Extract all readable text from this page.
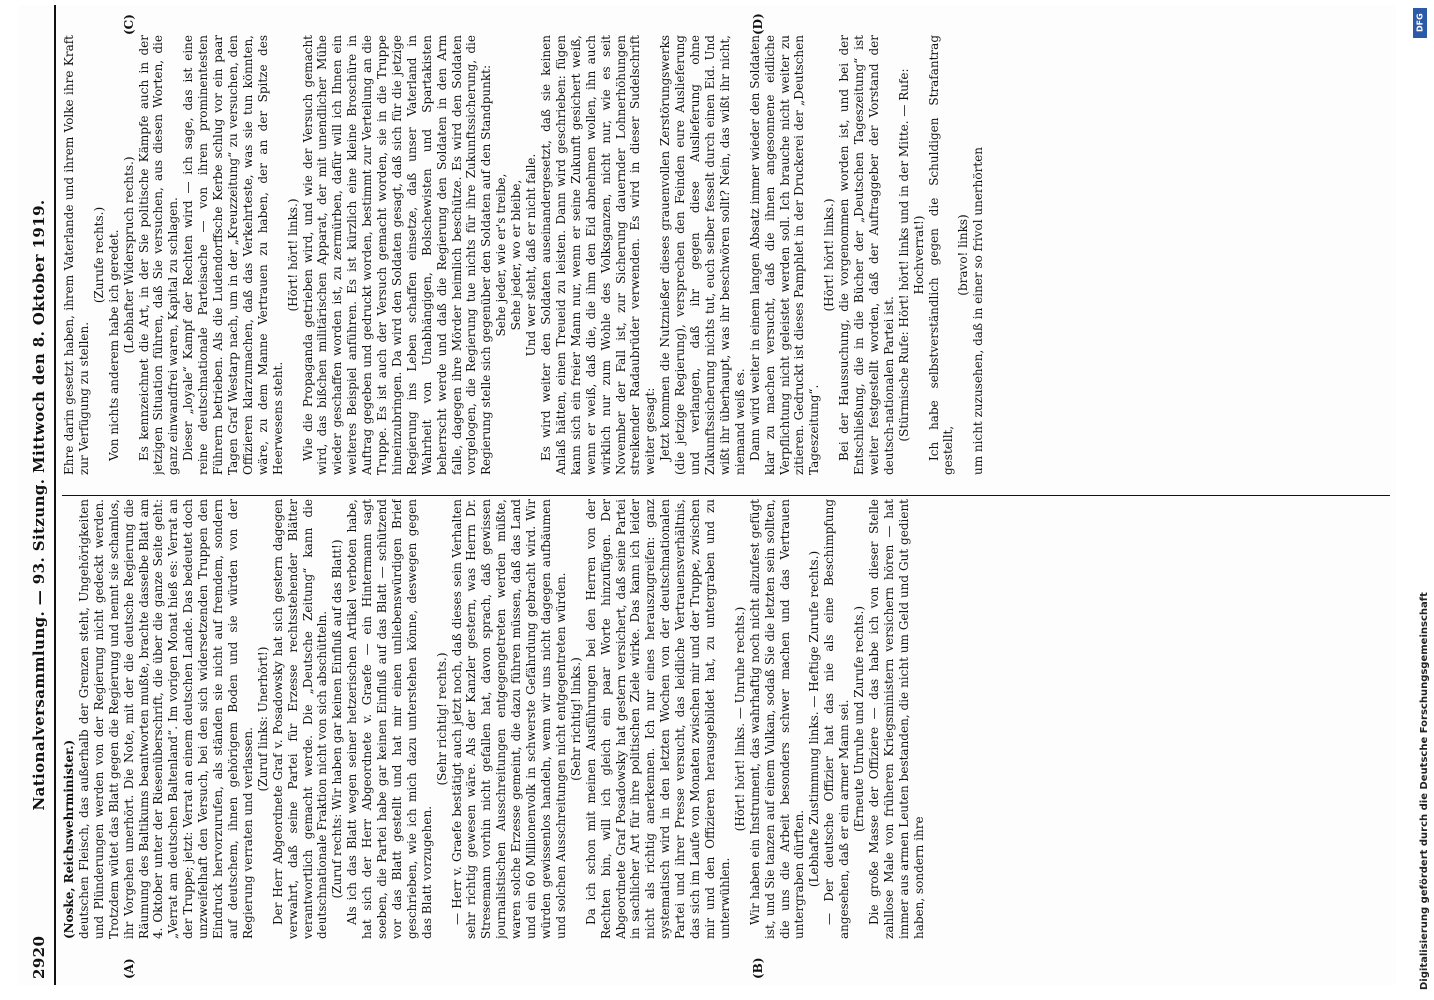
2920
Nationalversammlung. — 93. Sitzung. Mittwoch den 8. Oktober 1919.
(A)	(B)
(C)	(D)

(Noske, Reichswehrminister.) deutschen Fleisch, das außerhalb der Grenzen steht, Ungehörigkeiten und Plünderungen werden von der Regierung nicht gedeckt werden. Trotzdem wütet das Blatt gegen die Regierung und nennt sie schamlos, ihr Vorgehen unerhört. Die Note, mit der die deutsche Regierung die Räumung des Baltikums beantworten mußte, brachte dasselbe Blatt am 4. Oktober unter der Riesenüberschrift, die über die ganze Seite geht: „Verrat am deutschen Baltenland“. Im vorigen Monat hieß es: Verrat an der Truppe; jetzt: Verrat an einem deutschen Lande. Das bedeutet doch unzweifelhaft den Versuch, bei den sich widersetzenden Truppen den Eindruck hervorzurufen, als ständen sie nicht auf fremdem, sondern auf deutschem, ihnen gehörigem Boden und sie würden von der Regierung verraten und verlassen.

(Zuruf links: Unerhört!) Der Herr Abgeordnete Graf v. Posadowsky hat sich gestern dagegen verwahrt, daß seine Partei für Erzesse rechtsstehender Blätter verantwortlich gemacht werde. Die „Deutsche Zeitung“ kann die deutschnationale Fraktion nicht von sich abschütteln. (Zuruf rechts: Wir haben gar keinen Einfluß auf das Blatt!) Als ich das Blatt wegen seiner hetzerischen Artikel verboten habe, hat sich der Herr Abgeordnete v. Graefe — ein Hintermann sagt soeben, die Partei habe gar keinen Einfluß auf das Blatt — schützend vor das Blatt gestellt und hat mir einen unliebenswürdigen Brief geschrieben, wie ich mich dazu unterstehen könne, deswegen gegen das Blatt vorzugehen.

(Sehr richtig! rechts.) — Herr v. Graefe bestätigt auch jetzt noch, daß dieses sein Verhalten sehr richtig gewesen wäre. Als der Kanzler gestern, was Herrn Dr. Stresemann vorhin nicht gefallen hat, davon sprach, daß gewissen journalistischen Ausschreitungen entgegengetreten werden müßte, waren solche Erzesse gemeint, die dazu führen müssen, daß das Land und ein 60 Millionenvolk in schwerste Gefährdung gebracht wird. Wir würden gewissenlos handeln, wenn wir uns nicht dagegen aufbäumen und solchen Ausschreitungen nicht entgegentreten würden. (Sehr richtig! links.) Da ich schon mit meinen Ausführungen bei den Herren von der Rechten bin, will ich gleich ein paar Worte hinzufügen. Der Abgeordnete Graf Posadowsky hat gestern versichert, daß seine Partei in sachlicher Art für ihre politischen Ziele wirke. Das kann ich leider nicht als richtig anerkennen. Ich nur eines herauszugreifen: ganz systematisch wird in den letzten Wochen von der deutschnationalen Partei und ihrer Presse versucht, das leidliche Vertrauensverhältnis, das sich im Laufe von Monaten zwischen mir und der Truppe, zwischen mir und den Offizieren herausgebildet hat, zu untergraben und zu unterwühlen.

(Hört! hört! links. — Unruhe rechts.) Wir haben ein Instrument, das wahrhaftig noch nicht allzufest gefügt ist, und Sie tanzen auf einem Vulkan, sodaß Sie die letzten sein sollten, die uns die Arbeit besonders schwer machen und das Vertrauen untergraben dürften. (Lebhafte Zustimmung links. — Heftige Zurufe rechts.) — Der deutsche Offizier hat das nie als eine Beschimpfung angesehen, daß er ein armer Mann sei. (Erneute Unruhe und Zurufe rechts.) Die große Masse der Offiziere — das habe ich von dieser Stelle zahllose Male von früheren Kriegsministern versichern hören — hat immer aus armen Leuten bestanden, die nicht um Geld und Gut gedient haben, sondern ihre

Ehre darin gesetzt haben, ihrem Vaterlande und ihrem Volke ihre Kraft zur Verfügung zu stellen.

(Zurufe rechts.) Von nichts anderem habe ich geredet. (Lebhafter Widerspruch rechts.) Es kennzeichnet die Art, in der Sie politische Kämpfe auch in der jetzigen Situation führen, daß Sie versuchen, aus diesen Worten, die ganz einwandfrei waren, Kapital zu schlagen. Dieser „loyale“ Kampf der Rechten wird — ich sage, das ist eine reine deutschnationale Parteisache — von ihren prominentesten Führern betrieben. Als die Ludendorffsche Kerbe schlug vor ein paar Tagen Graf Westarp nach, um in der „Kreuzzeitung“ zu versuchen, den Offizieren klarzumachen, daß das Verkehrteste, was sie tun könnten, wäre, zu dem Manne Vertrauen zu haben, der an der Spitze des Heerwesens steht.

(Hört! hört! links.) Wie die Propaganda getrieben wird, und wie der Versuch gemacht wird, das bißchen militärischen Apparat, der mit unendlicher Mühe wieder geschaffen worden ist, zu zermürben, dafür will ich Ihnen ein weiteres Beispiel anführen. Es ist kürzlich eine kleine Broschüre in Auftrag gegeben und gedruckt worden, bestimmt zur Verteilung an die Truppe. Es ist auch der Versuch gemacht worden, sie in die Truppe hineinzubringen. Da wird den Soldaten gesagt, daß sich für die jetzige Regierung ins Leben schaffen einsetze, daß unser Vaterland in Wahrheit von Unabhängigen, Bolschewisten und Spartakisten beherrscht werde und daß die Regierung den Soldaten in den Arm falle, dagegen ihre Mörder heimlich beschütze. Es wird den Soldaten vorgelogen, die Regierung tue nichts für ihre Zukunftssicherung, die Regierung stelle sich gegenüber den Soldaten auf den Standpunkt: Sehe jeder, wie er's treibe, Sehe jeder, wo er bleibe, Und wer steht, daß er nicht falle. Es wird weiter den Soldaten auseinandergesetzt, daß sie keinen Anlaß hätten, einen Treueid zu leisten. Dann wird geschrieben: fügen kann sich ein freier Mann nur, wenn er seine Zukunft gesichert weiß, wenn er weiß, daß die, die ihm den Eid abnehmen wollen, ihn auch wirklich nur zum Wohle des Volksganzen, nicht nur, wie es seit November der Fall ist, zur Sicherung dauernder Lohnerhöhungen streikender Radaubrüder verwenden. Es wird in dieser Sudelschrift weiter gesagt: Jetzt kommen die Nutznießer dieses grauenvollen Zerstörungswerks (die jetzige Regierung), versprechen den Feinden eure Auslieferung und verlangen, daß ihr gegen diese Auslieferung ohne Zukunftssicherung nichts tut, euch selber fesselt durch einen Eid. Und wißt ihr überhaupt, was ihr beschwören sollt? Nein, das wißt ihr nicht, niemand weiß es. Dann wird weiter in einem langen Absatz immer wieder den Soldaten klar zu machen versucht, daß die ihnen angesonnene eidliche Verpflichtung nicht geleistet werden soll. Ich brauche nicht weiter zu zitieren. Gedruckt ist dieses Pamphlet in der Druckerei der „Deutschen Tageszeitung“.

(Hört! hört! links.) Bei der Haussuchung, die vorgenommen worden ist, und bei der Entschließung, die in die Bücher der „Deutschen Tageszeitung“ ist weiter festgestellt worden, daß der Auftraggeber der Vorstand der deutsch-nationalen Partei ist. (Stürmische Rufe: Hört! hört! links und in der Mitte. — Rufe: Hochverrat!) Ich habe selbstverständlich gegen die Schuldigen Strafantrag gestellt,

(bravo! links) um nicht zuzusehen, daß in einer so frivol unerhörten

DFG
Digitalisierung gefördert durch die Deutsche Forschungsgemeinschaft
